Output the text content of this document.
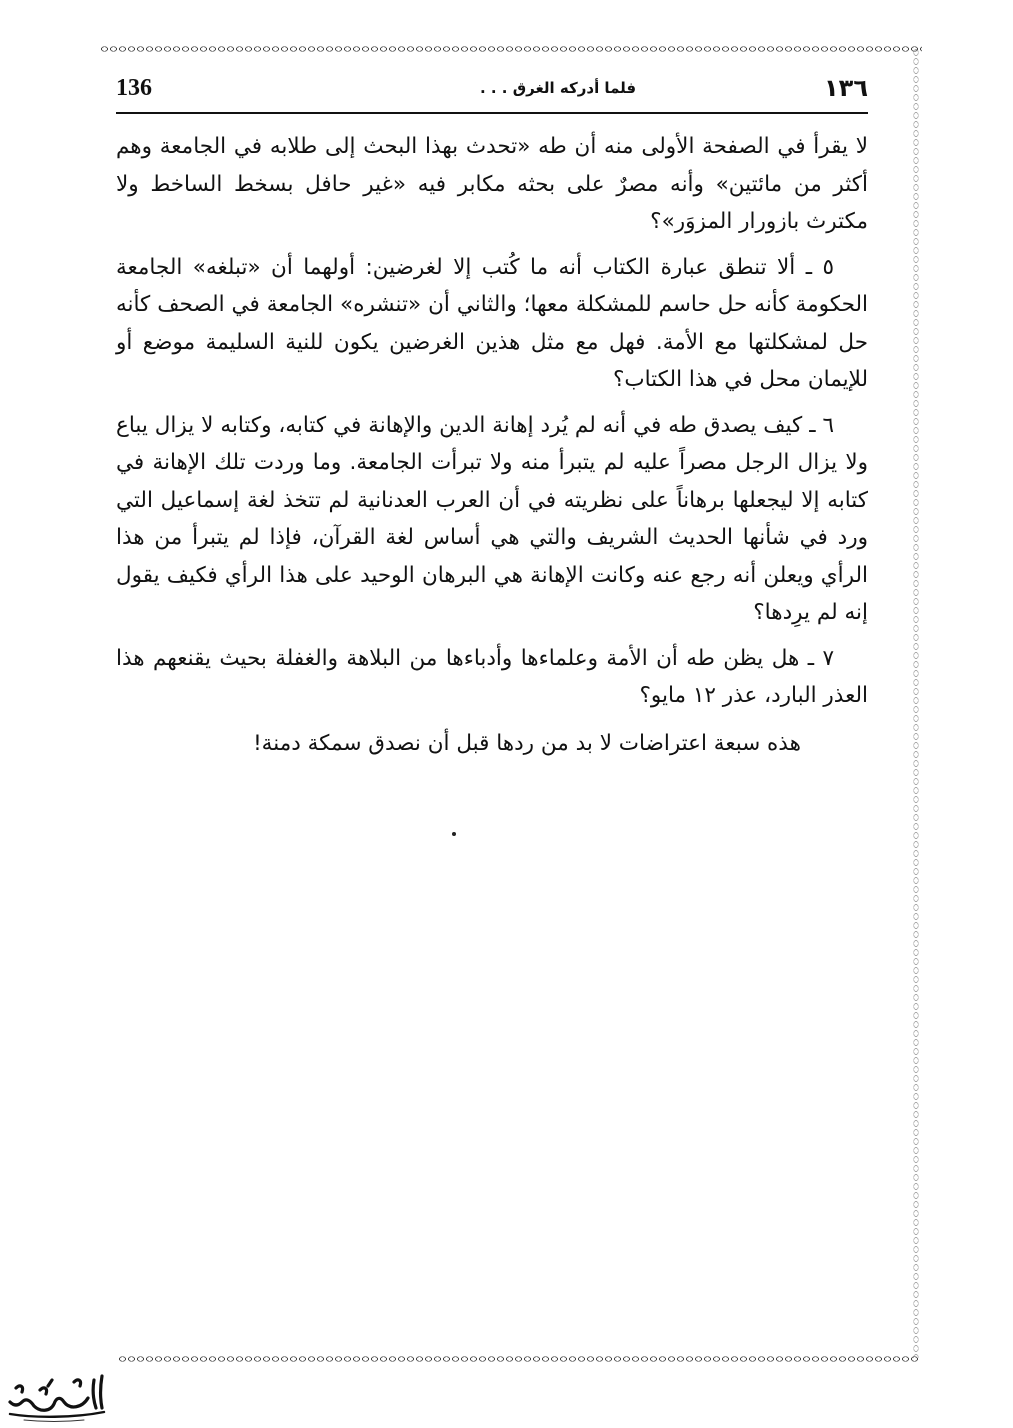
136	فلما أدركه الغرق . . .	١٣٦

لا يقرأ في الصفحة الأولى منه أن طه «تحدث بهذا البحث إلى طلابه في الجامعة وهم أكثر من مائتين» وأنه مصرٌ على بحثه مكابر فيه «غير حافل بسخط الساخط ولا مكترث بازورار المزوَر»؟

٥ ـ ألا تنطق عبارة الكتاب أنه ما كُتب إلا لغرضين: أولهما أن «تبلغه» الجامعة الحكومة كأنه حل حاسم للمشكلة معها؛ والثاني أن «تنشره» الجامعة في الصحف كأنه حل لمشكلتها مع الأمة. فهل مع مثل هذين الغرضين يكون للنية السليمة موضع أو للإيمان محل في هذا الكتاب؟

٦ ـ كيف يصدق طه في أنه لم يُرد إهانة الدين والإهانة في كتابه، وكتابه لا يزال يباع ولا يزال الرجل مصراً عليه لم يتبرأ منه ولا تبرأت الجامعة. وما وردت تلك الإهانة في كتابه إلا ليجعلها برهاناً على نظريته في أن العرب العدنانية لم تتخذ لغة إسماعيل التي ورد في شأنها الحديث الشريف والتي هي أساس لغة القرآن، فإذا لم يتبرأ من هذا الرأي ويعلن أنه رجع عنه وكانت الإهانة هي البرهان الوحيد على هذا الرأي فكيف يقول إنه لم يرِدها؟

٧ ـ هل يظن طه أن الأمة وعلماءها وأدباءها من البلاهة والغفلة بحيث يقنعهم هذا العذر البارد، عذر ١٢ مايو؟

هذه سبعة اعتراضات لا بد من ردها قبل أن نصدق سمكة دمنة!
